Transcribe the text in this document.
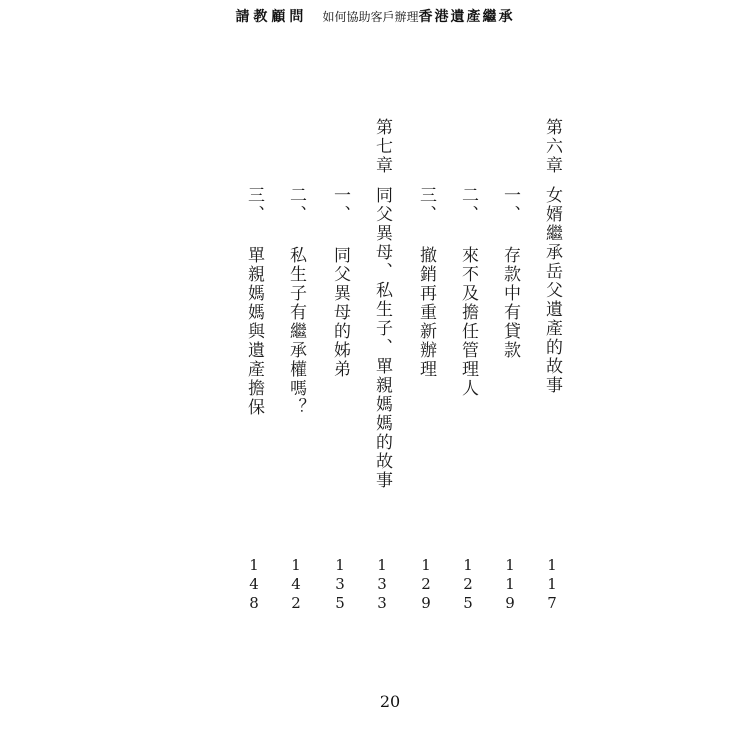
請教顧問 如何協助客戶辦理香港遺產繼承
第六章
女婿繼承岳父遺產的故事
1
1
7
一、
存款中有貸款
1
1
9
二、
來不及擔任管理人
1
2
5
三、
撤銷再重新辦理
1
2
9
第七章
同父異母、私生子、單親媽媽的故事
1
3
3
一、
同父異母的姊弟
1
3
5
二、
私生子有繼承權嗎？
1
4
2
三、
單親媽媽與遺產擔保
1
4
8
20
